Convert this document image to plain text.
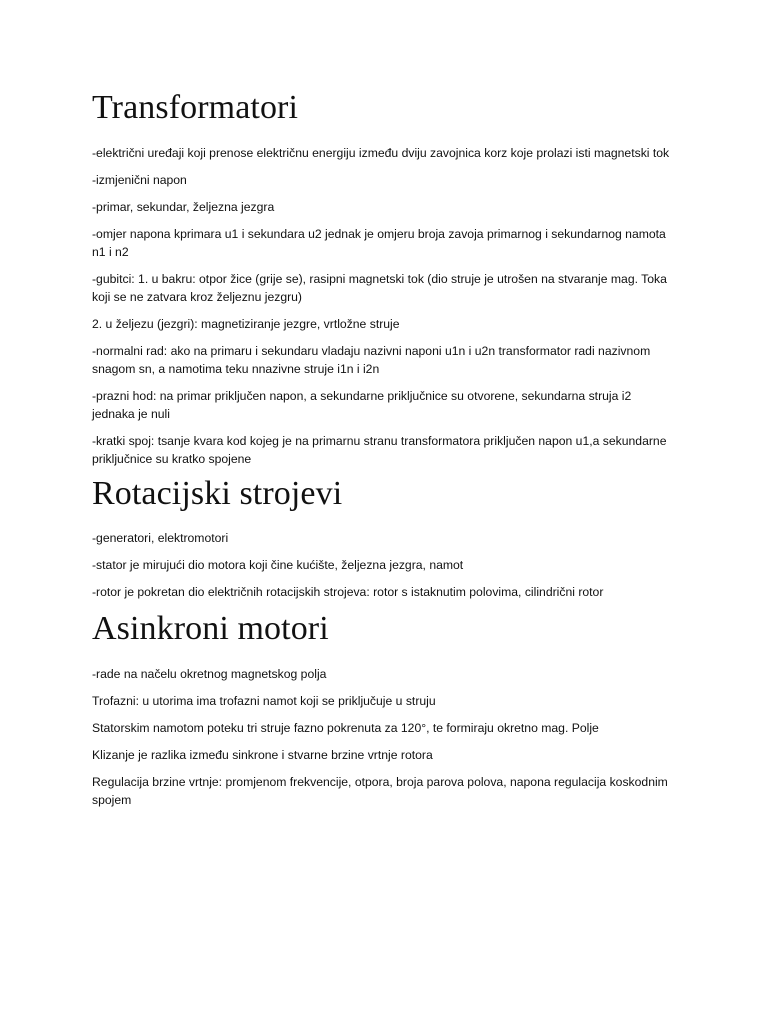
Transformatori

-električni uređaji koji prenose električnu energiju između dviju zavojnica korz koje prolazi isti magnetski tok

-izmjenični napon

-primar, sekundar, željezna jezgra

-omjer napona kprimara u1 i sekundara u2 jednak je omjeru broja zavoja primarnog i sekundarnog namota n1 i n2

-gubitci: 1. u bakru: otpor žice (grije se), rasipni magnetski tok (dio struje je utrošen na stvaranje mag. Toka koji se ne zatvara kroz željeznu jezgru)

2. u željezu (jezgri): magnetiziranje jezgre, vrtložne struje

-normalni rad: ako na primaru i sekundaru vladaju nazivni naponi u1n i u2n transformator radi nazivnom snagom sn, a namotima teku nnazivne struje i1n i i2n

-prazni hod: na primar priključen napon, a sekundarne priključnice su otvorene, sekundarna struja i2 jednaka je nuli

-kratki spoj: tsanje kvara kod kojeg je na primarnu stranu transformatora priključen napon u1,a sekundarne priključnice su kratko spojene

Rotacijski strojevi

-generatori, elektromotori

-stator je mirujući dio motora koji čine kućište, željezna jezgra, namot

-rotor je pokretan dio električnih rotacijskih strojeva: rotor s istaknutim polovima, cilindrični rotor

Asinkroni motori

-rade na načelu okretnog magnetskog polja

Trofazni: u utorima ima trofazni namot koji se priključuje u struju

Statorskim namotom poteku tri struje fazno pokrenuta za 120°, te formiraju okretno mag. Polje

Klizanje je razlika između sinkrone i stvarne brzine vrtnje rotora

Regulacija brzine vrtnje: promjenom frekvencije, otpora, broja parova polova, napona regulacija koskodnim spojem
